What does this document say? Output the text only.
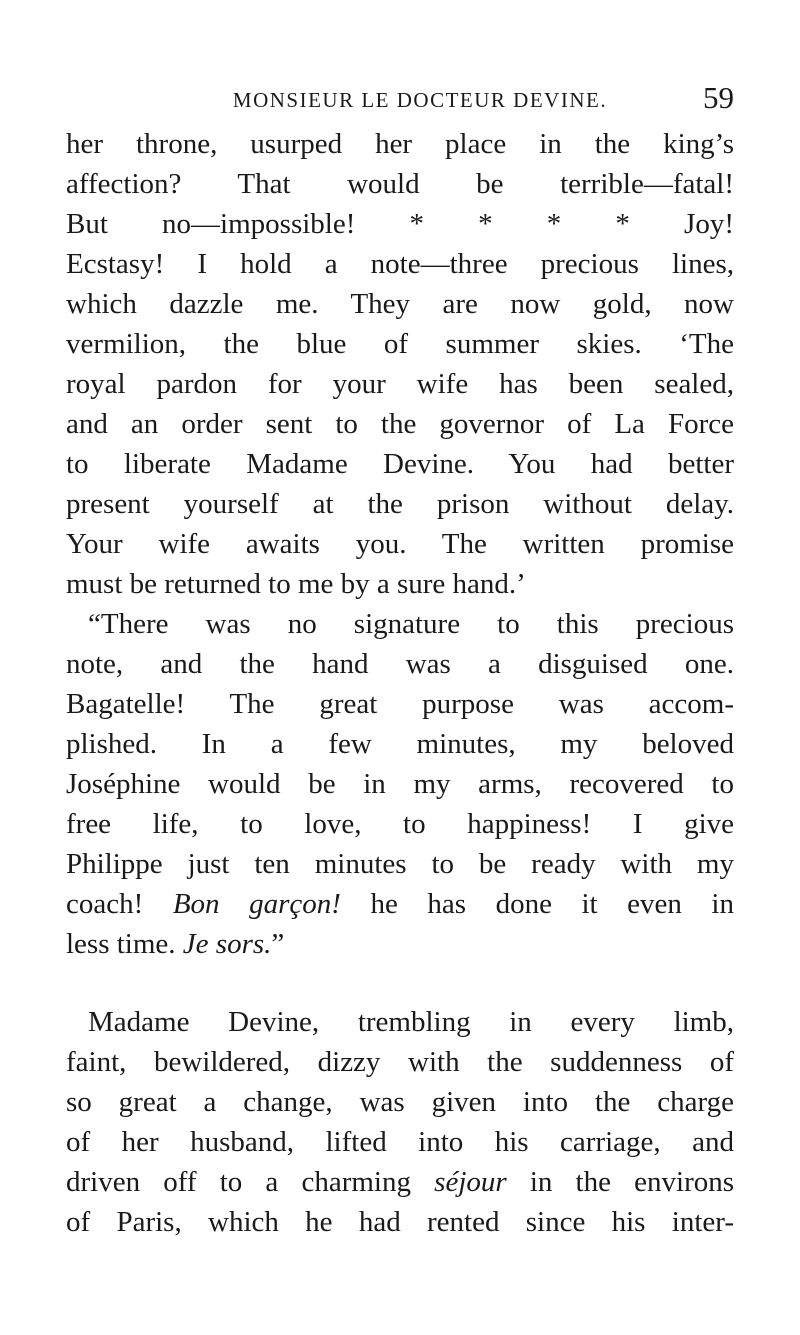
MONSIEUR LE DOCTEUR DEVINE.	59
her throne, usurped her place in the king’s
affection? That would be terrible—fatal!
But no—impossible! * * * * Joy!
Ecstasy! I hold a note—three precious lines,
which dazzle me. They are now gold, now
vermilion, the blue of summer skies. ‘The
royal pardon for your wife has been sealed,
and an order sent to the governor of La Force
to liberate Madame Devine. You had better
present yourself at the prison without delay.
Your wife awaits you. The written promise
must be returned to me by a sure hand.’
“There was no signature to this precious
note, and the hand was a disguised one.
Bagatelle! The great purpose was accom-
plished. In a few minutes, my beloved
Joséphine would be in my arms, recovered to
free life, to love, to happiness! I give
Philippe just ten minutes to be ready with my
coach! Bon garçon! he has done it even in
less time. Je sors.”
Madame Devine, trembling in every limb,
faint, bewildered, dizzy with the suddenness of
so great a change, was given into the charge
of her husband, lifted into his carriage, and
driven off to a charming séjour in the environs
of Paris, which he had rented since his inter-
